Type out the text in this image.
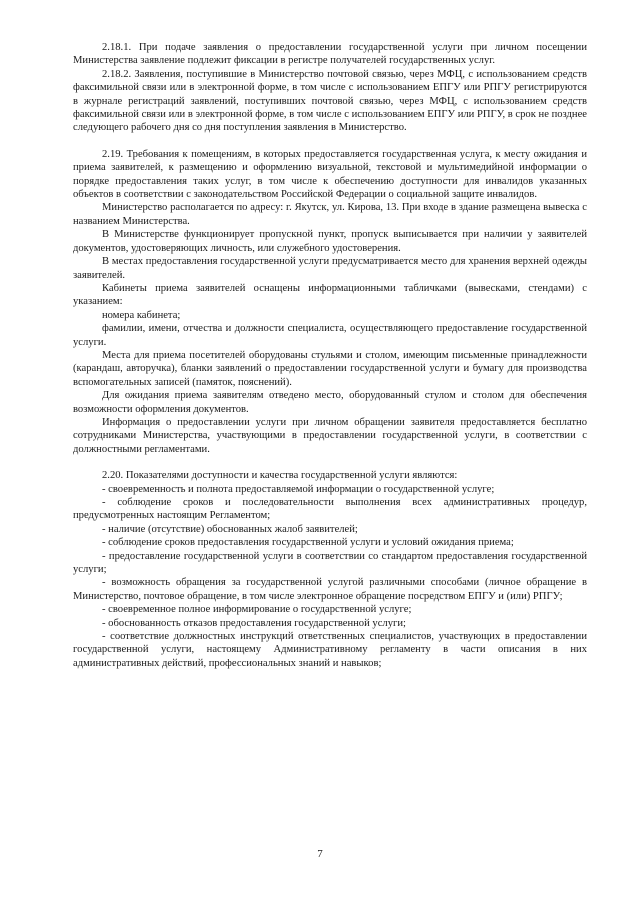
2.18.1. При подаче заявления о предоставлении государственной услуги при личном посещении Министерства заявление подлежит фиксации в регистре получателей государственных услуг.

2.18.2. Заявления, поступившие в Министерство почтовой связью, через МФЦ, с использованием средств факсимильной связи или в электронной форме, в том числе с использованием ЕПГУ или РПГУ регистрируются в журнале регистраций заявлений, поступивших почтовой связью, через МФЦ, с использованием средств факсимильной связи или в электронной форме, в том числе с использованием ЕПГУ или РПГУ, в срок не позднее следующего рабочего дня со дня поступления заявления в Министерство.

2.19. Требования к помещениям, в которых предоставляется государственная услуга, к месту ожидания и приема заявителей, к размещению и оформлению визуальной, текстовой и мультимедийной информации о порядке предоставления таких услуг, в том числе к обеспечению доступности для инвалидов указанных объектов в соответствии с законодательством Российской Федерации о социальной защите инвалидов.

Министерство располагается по адресу: г. Якутск, ул. Кирова, 13. При входе в здание размещена вывеска с названием Министерства.

В Министерстве функционирует пропускной пункт, пропуск выписывается при наличии у заявителей документов, удостоверяющих личность, или служебного удостоверения.

В местах предоставления государственной услуги предусматривается место для хранения верхней одежды заявителей.

Кабинеты приема заявителей оснащены информационными табличками (вывесками, стендами) с указанием:

номера кабинета;

фамилии, имени, отчества и должности специалиста, осуществляющего предоставление государственной услуги.

Места для приема посетителей оборудованы стульями и столом, имеющим письменные принадлежности (карандаш, авторучка), бланки заявлений о предоставлении государственной услуги и бумагу для производства вспомогательных записей (памяток, пояснений).

Для ожидания приема заявителям отведено место, оборудованный стулом и столом для обеспечения возможности оформления документов.

Информация о предоставлении услуги при личном обращении заявителя предоставляется бесплатно сотрудниками Министерства, участвующими в предоставлении государственной услуги, в соответствии с должностными регламентами.

2.20. Показателями доступности и качества государственной услуги являются:

- своевременность и полнота предоставляемой информации о государственной услуге;

- соблюдение сроков и последовательности выполнения всех административных процедур, предусмотренных настоящим Регламентом;

- наличие (отсутствие) обоснованных жалоб заявителей;

- соблюдение сроков предоставления государственной услуги и условий ожидания приема;

- предоставление государственной услуги в соответствии со стандартом предоставления государственной услуги;

- возможность обращения за государственной услугой различными способами (личное обращение в Министерство, почтовое обращение, в том числе электронное обращение посредством ЕПГУ и (или) РПГУ;

- своевременное полное информирование о государственной услуге;

- обоснованность отказов предоставления государственной услуги;

- соответствие должностных инструкций ответственных специалистов, участвующих в предоставлении государственной услуги, настоящему Административному регламенту в части описания в них административных действий, профессиональных знаний и навыков;

7
